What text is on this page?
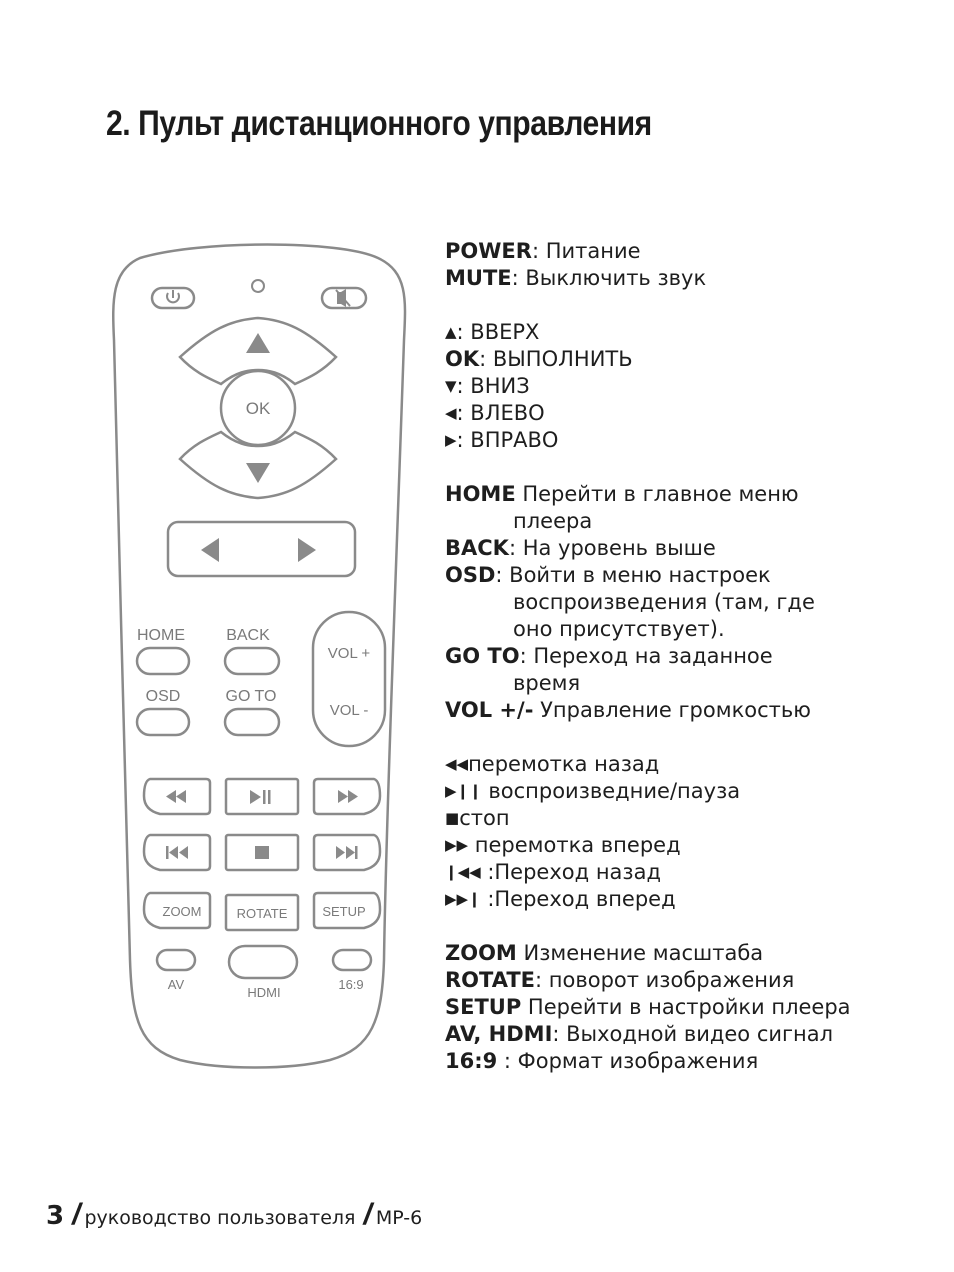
2. Пульт дистанционного управления
OK
HOME	BACK
OSD	GO TO
VOL +
VOL -
ZOOM	ROTATE	SETUP
AV
HDMI
16:9
POWER: Питание
MUTE: Выключить звук
▲: ВВЕРХ
OK: ВЫПОЛНИТЬ
▼: ВНИЗ
◀: ВЛЕВО
▶: ВПРАВО
HOME Перейти в главное меню
плеера
BACK: На уровень выше
OSD: Войти в меню настроек
воспроизведения (там, где
оно присутствует).
GO TO: Переход на заданное
время
VOL +/- Управление громкостью
◀◀перемотка назад
▶❙❙ воспроизведние/пауза
■стоп
▶▶ перемотка вперед
❙◀◀ :Переход назад
▶▶❙ :Переход вперед
ZOOM Изменение масштаба
ROTATE: поворот изображения
SETUP Перейти в настройки плеера
AV, HDMI: Выходной видео сигнал
16:9 : Формат изображения
3 / руководство пользователя / MP-6
